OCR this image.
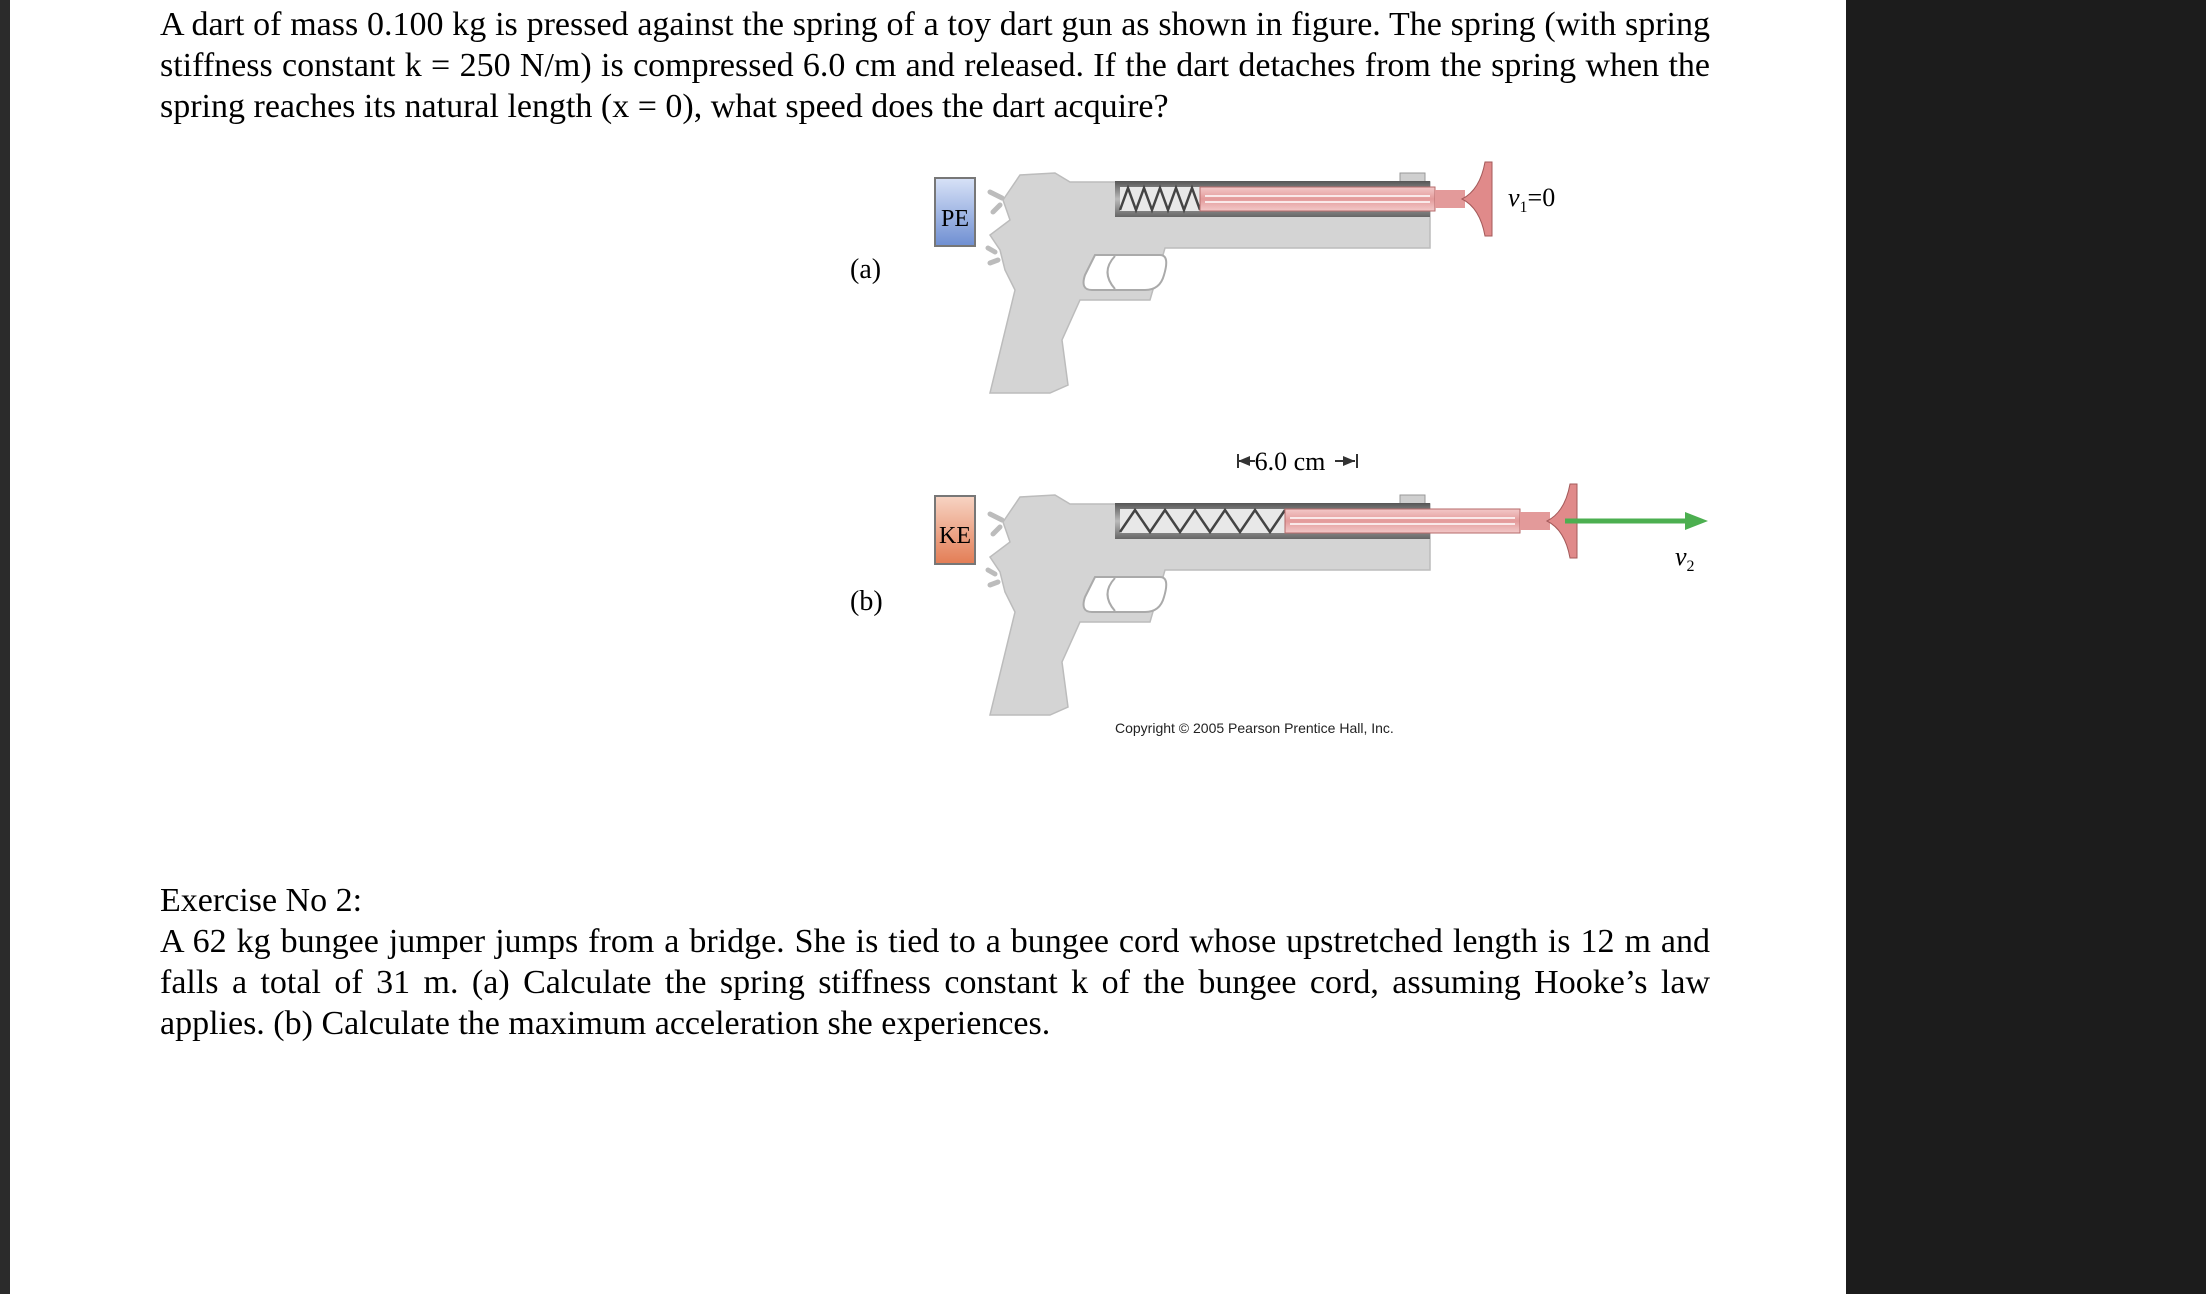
A dart of mass 0.100 kg is pressed against the spring of a toy dart gun as shown in figure. The spring (with spring stiffness constant k = 250 N/m) is compressed 6.0 cm and released. If the dart detaches from the spring when the spring reaches its natural length (x = 0), what speed does the dart acquire?

(a)
PE
$v_1=0$
6.0 cm
(b)
KE
$v_2$
Copyright © 2005 Pearson Prentice Hall, Inc.
Exercise No 2:

A 62 kg bungee jumper jumps from a bridge. She is tied to a bungee cord whose upstretched length is 12 m and falls a total of 31 m. (a) Calculate the spring stiffness constant k of the bungee cord, assuming Hooke’s law applies. (b) Calculate the maximum acceleration she experiences.
